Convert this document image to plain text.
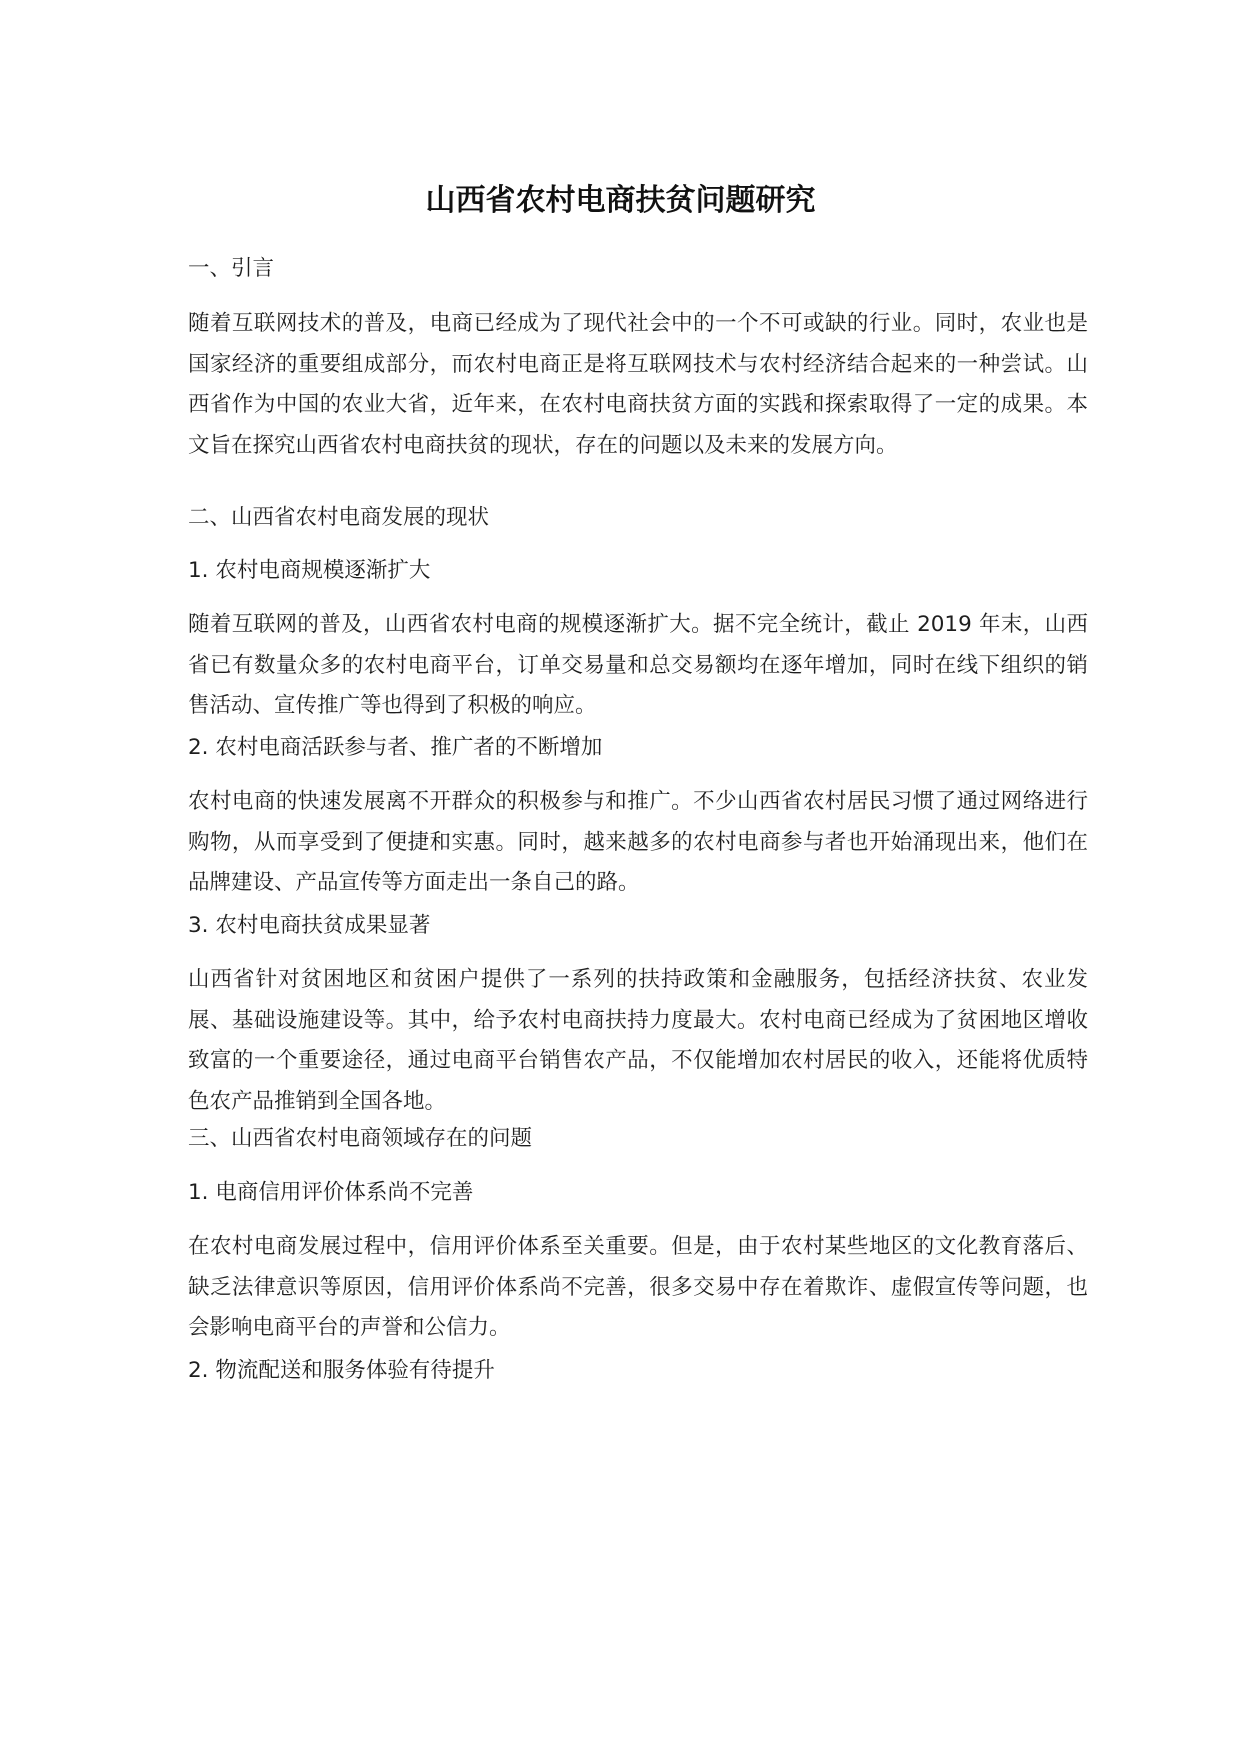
山西省农村电商扶贫问题研究
一、引言
随着互联网技术的普及，电商已经成为了现代社会中的一个不可或缺的行业。同时，农业也是国家经济的重要组成部分，而农村电商正是将互联网技术与农村经济结合起来的一种尝试。山西省作为中国的农业大省，近年来，在农村电商扶贫方面的实践和探索取得了一定的成果。本文旨在探究山西省农村电商扶贫的现状，存在的问题以及未来的发展方向。
二、山西省农村电商发展的现状
1. 农村电商规模逐渐扩大
随着互联网的普及，山西省农村电商的规模逐渐扩大。据不完全统计，截止 2019 年末，山西省已有数量众多的农村电商平台，订单交易量和总交易额均在逐年增加，同时在线下组织的销售活动、宣传推广等也得到了积极的响应。
2. 农村电商活跃参与者、推广者的不断增加
农村电商的快速发展离不开群众的积极参与和推广。不少山西省农村居民习惯了通过网络进行购物，从而享受到了便捷和实惠。同时，越来越多的农村电商参与者也开始涌现出来，他们在品牌建设、产品宣传等方面走出一条自己的路。
3. 农村电商扶贫成果显著
山西省针对贫困地区和贫困户提供了一系列的扶持政策和金融服务，包括经济扶贫、农业发展、基础设施建设等。其中，给予农村电商扶持力度最大。农村电商已经成为了贫困地区增收致富的一个重要途径，通过电商平台销售农产品，不仅能增加农村居民的收入，还能将优质特色农产品推销到全国各地。
三、山西省农村电商领域存在的问题
1. 电商信用评价体系尚不完善
在农村电商发展过程中，信用评价体系至关重要。但是，由于农村某些地区的文化教育落后、缺乏法律意识等原因，信用评价体系尚不完善，很多交易中存在着欺诈、虚假宣传等问题，也会影响电商平台的声誉和公信力。
2. 物流配送和服务体验有待提升
